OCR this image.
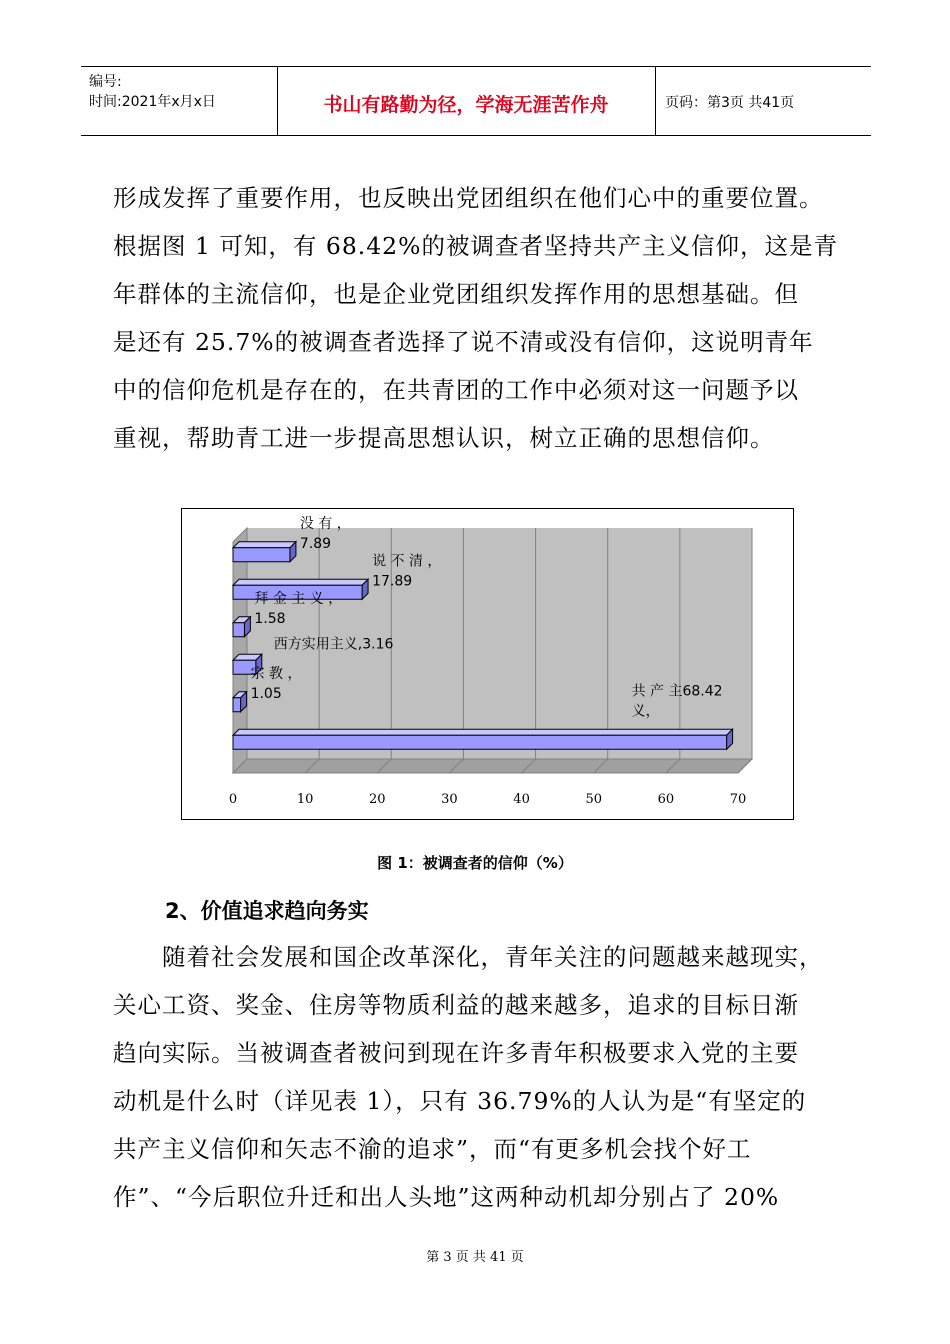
编号:
时间:2021年x月x日	书山有路勤为径，学海无涯苦作舟	页码：第3页 共41页
形成发挥了重要作用，也反映出党团组织在他们心中的重要位置。
根据图 1 可知，有 68.42%的被调查者坚持共产主义信仰，这是青
年群体的主流信仰，也是企业党团组织发挥作用的思想基础。但
是还有 25.7%的被调查者选择了说不清或没有信仰，这说明青年
中的信仰危机是存在的，在共青团的工作中必须对这一问题予以
重视，帮助青工进一步提高思想认识，树立正确的思想信仰。
0	10	20	30	40	50	60	70
没 有 ，
7.89
说 不 清 ，
17.89
拜 金 主 义 ，
1.58
西方实用主义,3.16
宗 教 ，
1.05	共 产 主68.42
义，
图 1：被调查者的信仰（%）
2、价值追求趋向务实
　　随着社会发展和国企改革深化，青年关注的问题越来越现实，
关心工资、奖金、住房等物质利益的越来越多，追求的目标日渐
趋向实际。当被调查者被问到现在许多青年积极要求入党的主要
动机是什么时（详见表 1），只有 36.79%的人认为是“有坚定的
共产主义信仰和矢志不渝的追求”，而“有更多机会找个好工
作”、“今后职位升迁和出人头地”这两种动机却分别占了 20%
第 3 页 共 41 页
